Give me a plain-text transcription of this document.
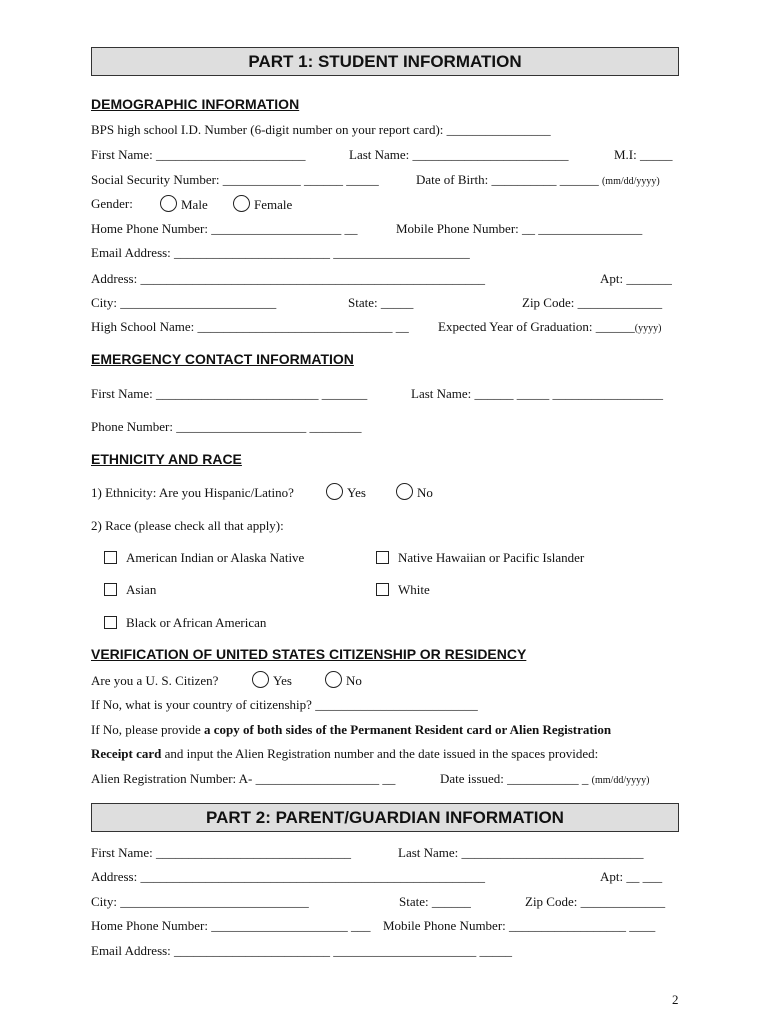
PART 1: STUDENT INFORMATION
DEMOGRAPHIC INFORMATION
BPS high school I.D. Number (6-digit number on your report card): ________________
First Name: _______________________	Last Name: ________________________	M.I: _____
Social Security Number: ____________ ______ _____	Date of Birth: __________ ______ (mm/dd/yyyy)
Gender:	Male	Female
Home Phone Number: ____________________ __	Mobile Phone Number: __ ________________
Email Address: ________________________ _____________________
Address: _____________________________________________________	Apt: _______
City: ________________________	State: _____	Zip Code: _____________
High School Name: ______________________________ __ Expected Year of Graduation: ______(yyyy)
EMERGENCY CONTACT INFORMATION
First Name: _________________________ _______	Last Name: ______ _____ _________________
Phone Number: ____________________ ________
ETHNICITY AND RACE
1) Ethnicity: Are you Hispanic/Latino?	Yes	No
2) Race (please check all that apply):
American Indian or Alaska Native	Native Hawaiian or Pacific Islander
Asian	White
Black or African American
VERIFICATION OF UNITED STATES CITIZENSHIP OR RESIDENCY
Are you a U. S. Citizen?	Yes	No
If No, what is your country of citizenship? _________________________
If No, please provide a copy of both sides of the Permanent Resident card or Alien Registration
Receipt card and input the Alien Registration number and the date issued in the spaces provided:
Alien Registration Number: A- ___________________ __	Date issued: ___________ _ (mm/dd/yyyy)
PART 2: PARENT/GUARDIAN INFORMATION
First Name: ______________________________	Last Name: ____________________________
Address: _____________________________________________________	Apt: __ ___
City: _____________________________	State: ______	Zip Code: _____________
Home Phone Number: _____________________ ___ Mobile Phone Number: __________________ ____
Email Address: ________________________ ______________________ _____
2
